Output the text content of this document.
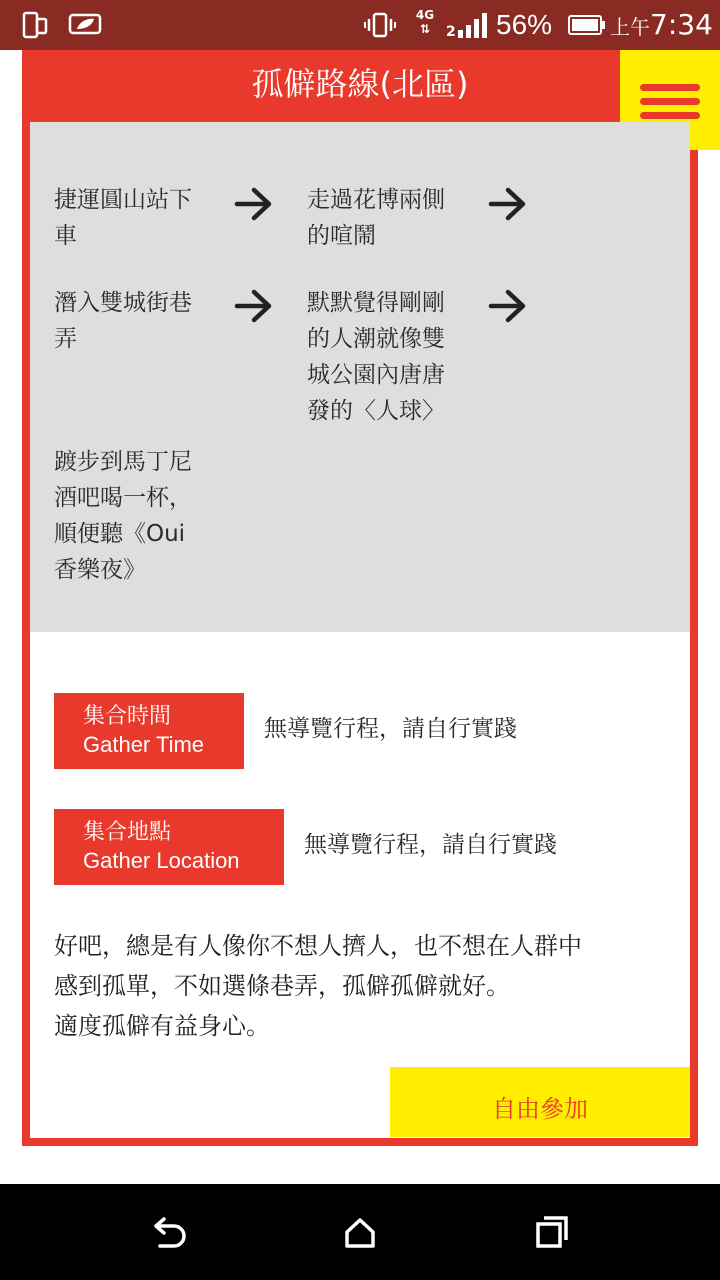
4G
⇅	2 56%	上午7:34
孤僻路線(北區)
捷運圓山站下
車
走過花博兩側
的喧鬧
潛入雙城街巷
弄
默默覺得剛剛
的人潮就像雙
城公園內唐唐
發的〈人球〉
踱步到馬丁尼
酒吧喝一杯，
順便聽《Oui
香樂夜》
集合時間
Gather Time
無導覽行程，請自行實踐
集合地點
Gather Location
無導覽行程，請自行實踐

好吧，總是有人像你不想人擠人，也不想在人群中

感到孤單，不如選條巷弄，孤僻孤僻就好。

適度孤僻有益身心。

自由參加
